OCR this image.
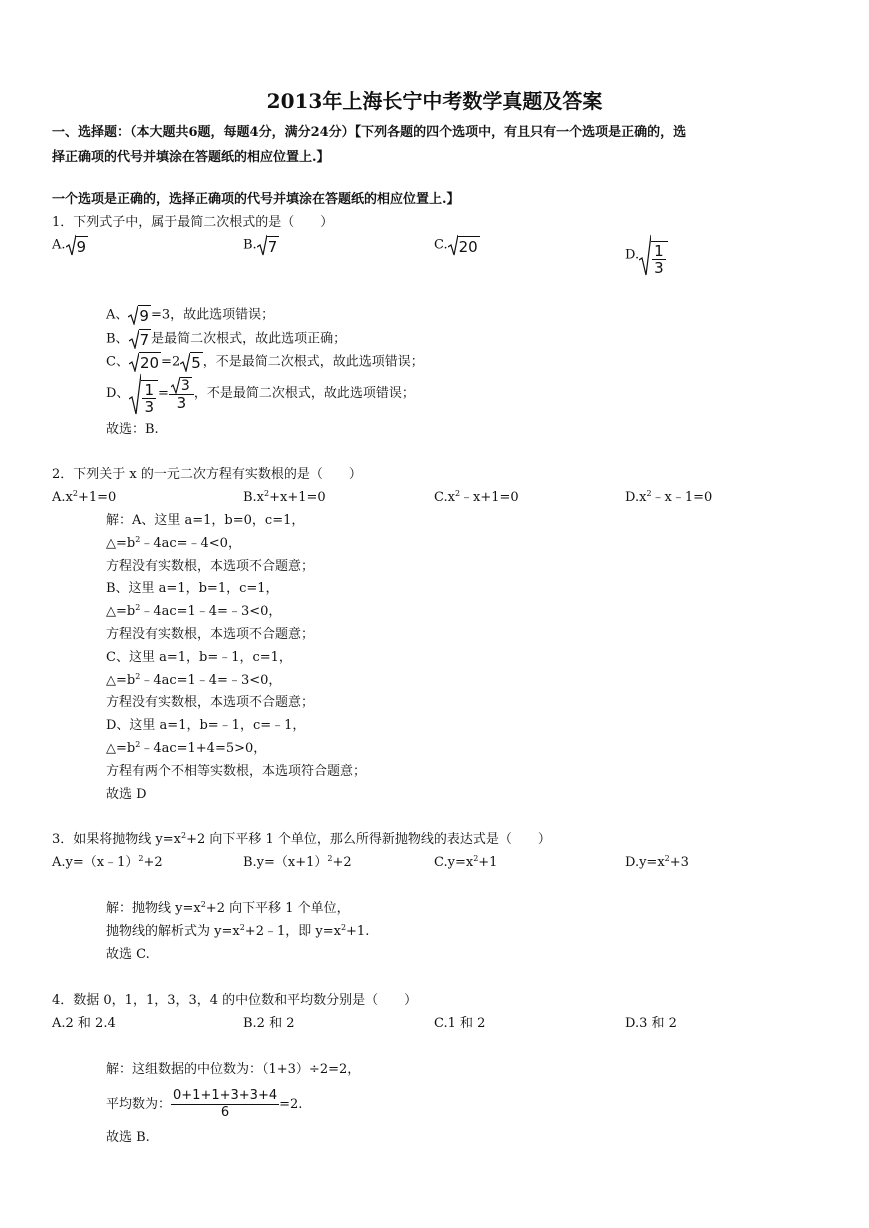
2013年上海长宁中考数学真题及答案
一、选择题：（本大题共6题，每题4分，满分24分）【下列各题的四个选项中，有且只有一个选项是正确的，选
择正确项的代号并填涂在答题纸的相应位置上.】
一个选项是正确的，选择正确项的代号并填涂在答题纸的相应位置上.】
1．下列式子中，属于最简二次根式的是（　　）
A. 9	B. 7	C. 20	D. $\frac{1}{3}$
A、 9 =3，故此选项错误；
B、 7 是最简二次根式，故此选项正确；
C、 20 =2 5 ，不是最简二次根式，故此选项错误；
D、 $\frac{1}{3} = \frac{3}{3}$ ，不是最简二次根式，故此选项错误；
故选：B.
2．下列关于 x 的一元二次方程有实数根的是（　　）
$A.x^2+1=0$	$B.x^2+x+1=0$	$C.x^2﹣x+1=0$	$D.x^2﹣x﹣1=0$
解：A、这里 a=1，b=0，c=1，
$\triangle=b^2﹣4ac=﹣4<0$，
方程没有实数根，本选项不合题意；
B、这里 a=1，b=1，c=1，
$\triangle=b^2﹣4ac=1﹣4=﹣3<0$，
方程没有实数根，本选项不合题意；
C、这里 a=1，b=﹣1，c=1，
$\triangle=b^2﹣4ac=1﹣4=﹣3<0$，
方程没有实数根，本选项不合题意；
D、这里 a=1，b=﹣1，c=﹣1，
$\triangle=b^2﹣4ac=1+4=5>0$，
方程有两个不相等实数根，本选项符合题意；
故选 D
3．如果将抛物线 $y=x^2+2$ 向下平移 1 个单位，那么所得新抛物线的表达式是（　　）
A.y=（x﹣1）$^2$+2	$B.y=(x+1)^2+2$	$C.y=x^2+1$	$D.y=x^2+3$
解：抛物线 $y=x^2+2$ 向下平移 1 个单位，
抛物线的解析式为 $y=x^2+2﹣1$，即 $y=x^2+1$.
故选 C.
4．数据 0，1，1，3，3，4 的中位数和平均数分别是（　　）
A.2 和 2.4	B.2 和 2	C.1 和 2	D.3 和 2
解：这组数据的中位数为：（1+3）÷2=2，
平均数为： $\frac{0+1+1+3+3+4}{6} =2$.
故选 B.
